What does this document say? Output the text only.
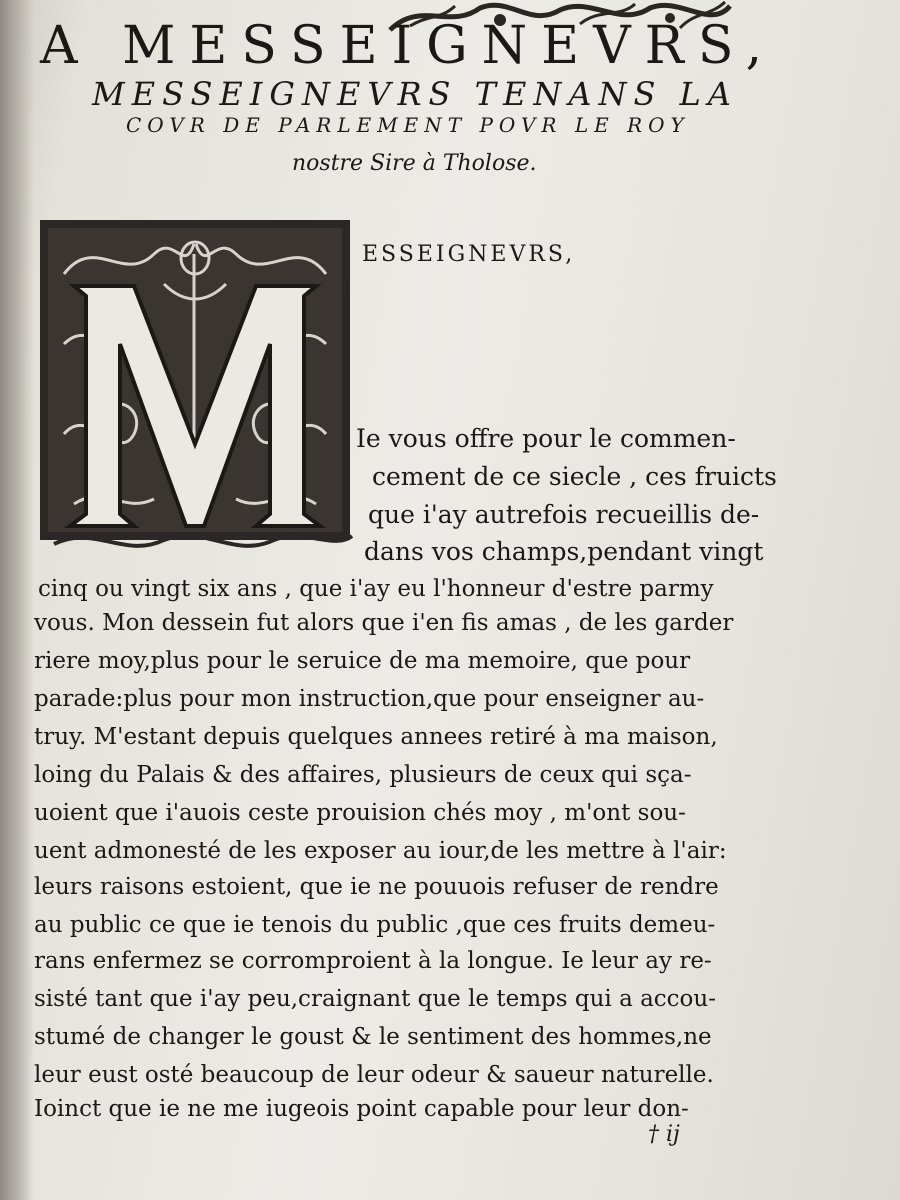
A MESSEIGNEVRS,
MESSEIGNEVRS TENANS LA
COVR DE PARLEMENT POVR LE ROY
nostre Sire à Tholose.
M
ESSEIGNEVRS,
Ie vous offre pour le commen-
cement de ce siecle , ces fruicts
que i'ay autrefois recueillis de-
dans vos champs,pendant vingt
cinq ou vingt six ans , que i'ay eu l'honneur d'estre parmy
vous. Mon dessein fut alors que i'en fis amas , de les garder
riere moy,plus pour le seruice de ma memoire, que pour
parade:plus pour mon instruction,que pour enseigner au-
truy. M'estant depuis quelques annees retiré à ma maison,
loing du Palais & des affaires, plusieurs de ceux qui sça-
uoient que i'auois ceste prouision chés moy , m'ont sou-
uent admonesté de les exposer au iour,de les mettre à l'air:
leurs raisons estoient, que ie ne pouuois refuser de rendre
au public ce que ie tenois du public ,que ces fruits demeu-
rans enfermez se corromproient à la longue. Ie leur ay re-
sisté tant que i'ay peu,craignant que le temps qui a accou-
stumé de changer le goust & le sentiment des hommes,ne
leur eust osté beaucoup de leur odeur & saueur naturelle.
Ioinct que ie ne me iugeois point capable pour leur don-
† ij
